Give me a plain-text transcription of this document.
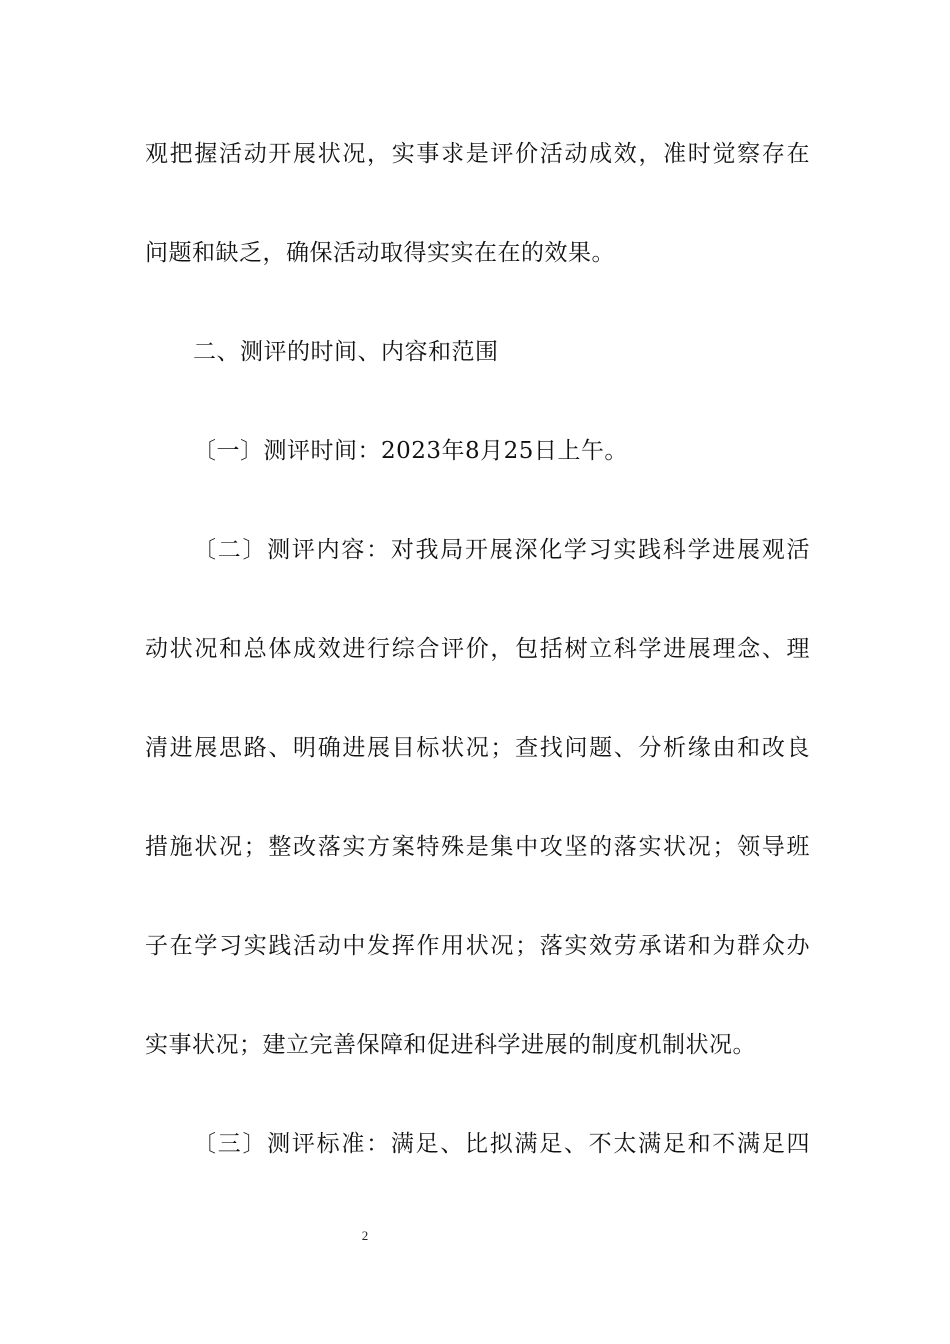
观把握活动开展状况，实事求是评价活动成效，准时觉察存在
问题和缺乏，确保活动取得实实在在的效果。
二、测评的时间、内容和范围
〔一〕测评时间：2023年8月25日上午。
〔二〕测评内容：对我局开展深化学习实践科学进展观活
动状况和总体成效进行综合评价，包括树立科学进展理念、理
清进展思路、明确进展目标状况；查找问题、分析缘由和改良
措施状况；整改落实方案特殊是集中攻坚的落实状况；领导班
子在学习实践活动中发挥作用状况；落实效劳承诺和为群众办
实事状况；建立完善保障和促进科学进展的制度机制状况。
〔三〕测评标准：满足、比拟满足、不太满足和不满足四
2
